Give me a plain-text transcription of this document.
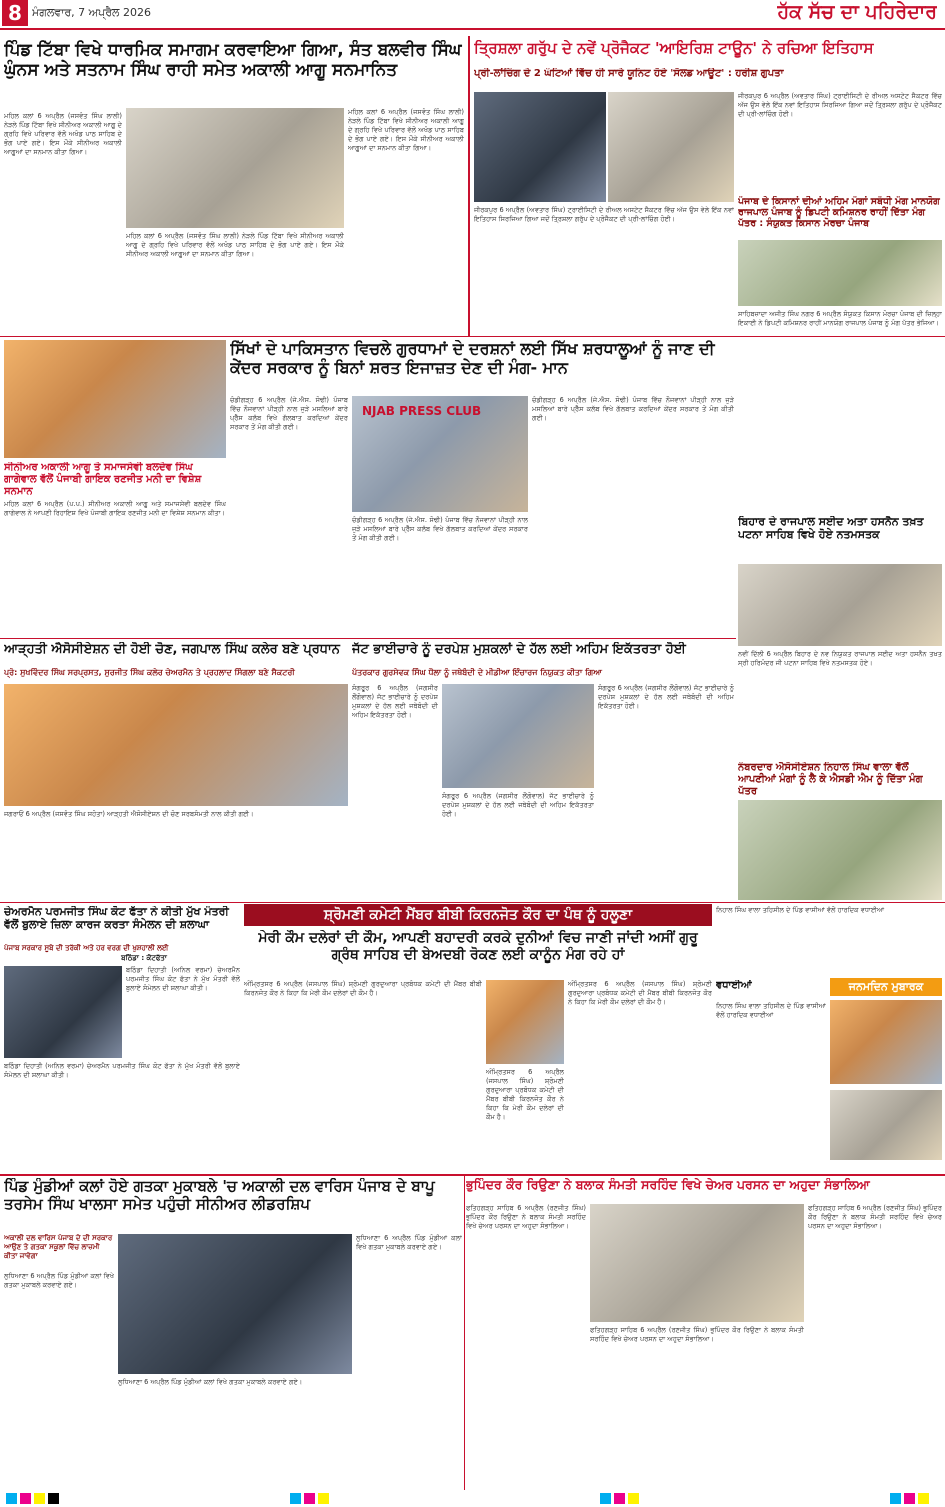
8 ਮੰਗਲਵਾਰ, 7 ਅਪ੍ਰੈਲ 2026	ਹੱਕ ਸੱਚ ਦਾ ਪਹਿਰੇਦਾਰ
ਪਿੰਡ ਟਿੱਬਾ ਵਿਖੇ ਧਾਰਮਿਕ ਸਮਾਗਮ ਕਰਵਾਇਆ ਗਿਆ, ਸੰਤ ਬਲਵੀਰ ਸਿੰਘ ਘੁੰਨਸ ਅਤੇ ਸਤਨਾਮ ਸਿੰਘ ਰਾਹੀ ਸਮੇਤ ਅਕਾਲੀ ਆਗੂ ਸਨਮਾਨਿਤ
ਮਹਿਲ ਕਲਾਂ 6 ਅਪ੍ਰੈਲ (ਜਸਵੰਤ ਸਿੰਘ ਲਾਲੀ) ਨੇੜਲੇ ਪਿੰਡ ਟਿੱਬਾ ਵਿਖੇ ਸੀਨੀਅਰ ਅਕਾਲੀ ਆਗੂ ਦੇ ਗ੍ਰਹਿ ਵਿਖੇ ਪਰਿਵਾਰ ਵੱਲੋਂ ਅਖੰਡ ਪਾਠ ਸਾਹਿਬ ਦੇ ਭੋਗ ਪਾਏ ਗਏ। ਇਸ ਮੌਕੇ ਸੀਨੀਅਰ ਅਕਾਲੀ ਆਗੂਆਂ ਦਾ ਸਨਮਾਨ ਕੀਤਾ ਗਿਆ।
ਮਹਿਲ ਕਲਾਂ 6 ਅਪ੍ਰੈਲ (ਜਸਵੰਤ ਸਿੰਘ ਲਾਲੀ) ਨੇੜਲੇ ਪਿੰਡ ਟਿੱਬਾ ਵਿਖੇ ਸੀਨੀਅਰ ਅਕਾਲੀ ਆਗੂ ਦੇ ਗ੍ਰਹਿ ਵਿਖੇ ਪਰਿਵਾਰ ਵੱਲੋਂ ਅਖੰਡ ਪਾਠ ਸਾਹਿਬ ਦੇ ਭੋਗ ਪਾਏ ਗਏ। ਇਸ ਮੌਕੇ ਸੀਨੀਅਰ ਅਕਾਲੀ ਆਗੂਆਂ ਦਾ ਸਨਮਾਨ ਕੀਤਾ ਗਿਆ।
ਮਹਿਲ ਕਲਾਂ 6 ਅਪ੍ਰੈਲ (ਜਸਵੰਤ ਸਿੰਘ ਲਾਲੀ) ਨੇੜਲੇ ਪਿੰਡ ਟਿੱਬਾ ਵਿਖੇ ਸੀਨੀਅਰ ਅਕਾਲੀ ਆਗੂ ਦੇ ਗ੍ਰਹਿ ਵਿਖੇ ਪਰਿਵਾਰ ਵੱਲੋਂ ਅਖੰਡ ਪਾਠ ਸਾਹਿਬ ਦੇ ਭੋਗ ਪਾਏ ਗਏ। ਇਸ ਮੌਕੇ ਸੀਨੀਅਰ ਅਕਾਲੀ ਆਗੂਆਂ ਦਾ ਸਨਮਾਨ ਕੀਤਾ ਗਿਆ।
ਤ੍ਰਿਸ਼ਲਾ ਗਰੁੱਪ ਦੇ ਨਵੇਂ ਪ੍ਰੋਜੈਕਟ 'ਆਇਰਿਸ਼ ਟਾਊਨ' ਨੇ ਰਚਿਆ ਇਤਿਹਾਸ
ਪ੍ਰੀ-ਲਾਂਚਿੰਗ ਦੇ 2 ਘੰਟਿਆਂ ਵਿੱਚ ਹੀ ਸਾਰੇ ਯੂਨਿਟ ਹੋਏ 'ਸੋਲਡ ਆਊਟ' : ਹਰੀਸ਼ ਗੁਪਤਾ
ਜੀਰਕਪੁਰ 6 ਅਪ੍ਰੈਲ (ਅਵਤਾਰ ਸਿੰਘ) ਟ੍ਰਾਈਸਿਟੀ ਦੇ ਰੀਅਲ ਅਸਟੇਟ ਸੈਕਟਰ ਵਿੱਚ ਅੱਜ ਉਸ ਵੇਲੇ ਇੱਕ ਨਵਾਂ ਇਤਿਹਾਸ ਸਿਰਜਿਆ ਗਿਆ ਜਦੋਂ ਤ੍ਰਿਸ਼ਲਾ ਗਰੁੱਪ ਦੇ ਪ੍ਰੋਜੈਕਟ ਦੀ ਪ੍ਰੀ-ਲਾਂਚਿੰਗ ਹੋਈ।
ਜੀਰਕਪੁਰ 6 ਅਪ੍ਰੈਲ (ਅਵਤਾਰ ਸਿੰਘ) ਟ੍ਰਾਈਸਿਟੀ ਦੇ ਰੀਅਲ ਅਸਟੇਟ ਸੈਕਟਰ ਵਿੱਚ ਅੱਜ ਉਸ ਵੇਲੇ ਇੱਕ ਨਵਾਂ ਇਤਿਹਾਸ ਸਿਰਜਿਆ ਗਿਆ ਜਦੋਂ ਤ੍ਰਿਸ਼ਲਾ ਗਰੁੱਪ ਦੇ ਪ੍ਰੋਜੈਕਟ ਦੀ ਪ੍ਰੀ-ਲਾਂਚਿੰਗ ਹੋਈ।
ਪੰਜਾਬ ਦੇ ਕਿਸਾਨਾਂ ਦੀਆਂ ਅਹਿਮ ਮੰਗਾਂ ਸਬੰਧੀ ਮੰਗ ਮਾਨਯੋਗ ਰਾਜਪਾਲ ਪੰਜਾਬ ਨੂੰ ਡਿਪਟੀ ਕਮਿਸ਼ਨਰ ਰਾਹੀਂ ਦਿੱਤਾ ਮੰਗ ਪੱਤਰ : ਸੰਯੁਕਤ ਕਿਸਾਨ ਮੋਰਚਾ ਪੰਜਾਬ
ਸਾਹਿਬਜ਼ਾਦਾ ਅਜੀਤ ਸਿੰਘ ਨਗਰ 6 ਅਪ੍ਰੈਲ ਸੰਯੁਕਤ ਕਿਸਾਨ ਮੋਰਚਾ ਪੰਜਾਬ ਦੀ ਜ਼ਿਲ੍ਹਾ ਇਕਾਈ ਨੇ ਡਿਪਟੀ ਕਮਿਸ਼ਨਰ ਰਾਹੀਂ ਮਾਨਯੋਗ ਰਾਜਪਾਲ ਪੰਜਾਬ ਨੂੰ ਮੰਗ ਪੱਤਰ ਭੇਜਿਆ।
ਸਿੱਖਾਂ ਦੇ ਪਾਕਿਸਤਾਨ ਵਿਚਲੇ ਗੁਰਧਾਮਾਂ ਦੇ ਦਰਸ਼ਨਾਂ ਲਈ ਸਿੱਖ ਸ਼ਰਧਾਲੂਆਂ ਨੂੰ ਜਾਣ ਦੀ ਕੇਂਦਰ ਸਰਕਾਰ ਨੂੰ ਬਿਨਾਂ ਸ਼ਰਤ ਇਜਾਜ਼ਤ ਦੇਣ ਦੀ ਮੰਗ- ਮਾਨ
ਚੰਡੀਗੜ੍ਹ 6 ਅਪ੍ਰੈਲ (ਜੇ.ਐਸ. ਸੋਢੀ) ਪੰਜਾਬ ਵਿੱਚ ਨੌਜਵਾਨਾਂ ਪੀੜ੍ਹੀ ਨਾਲ ਜੁੜੇ ਮਸਲਿਆਂ ਬਾਰੇ ਪ੍ਰੈੱਸ ਕਲੱਬ ਵਿਖੇ ਗੱਲਬਾਤ ਕਰਦਿਆਂ ਕੇਂਦਰ ਸਰਕਾਰ ਤੋਂ ਮੰਗ ਕੀਤੀ ਗਈ।
NJAB PRESS CLUB
ਚੰਡੀਗੜ੍ਹ 6 ਅਪ੍ਰੈਲ (ਜੇ.ਐਸ. ਸੋਢੀ) ਪੰਜਾਬ ਵਿੱਚ ਨੌਜਵਾਨਾਂ ਪੀੜ੍ਹੀ ਨਾਲ ਜੁੜੇ ਮਸਲਿਆਂ ਬਾਰੇ ਪ੍ਰੈੱਸ ਕਲੱਬ ਵਿਖੇ ਗੱਲਬਾਤ ਕਰਦਿਆਂ ਕੇਂਦਰ ਸਰਕਾਰ ਤੋਂ ਮੰਗ ਕੀਤੀ ਗਈ।
ਚੰਡੀਗੜ੍ਹ 6 ਅਪ੍ਰੈਲ (ਜੇ.ਐਸ. ਸੋਢੀ) ਪੰਜਾਬ ਵਿੱਚ ਨੌਜਵਾਨਾਂ ਪੀੜ੍ਹੀ ਨਾਲ ਜੁੜੇ ਮਸਲਿਆਂ ਬਾਰੇ ਪ੍ਰੈੱਸ ਕਲੱਬ ਵਿਖੇ ਗੱਲਬਾਤ ਕਰਦਿਆਂ ਕੇਂਦਰ ਸਰਕਾਰ ਤੋਂ ਮੰਗ ਕੀਤੀ ਗਈ।
ਸੀਨੀਅਰ ਅਕਾਲੀ ਆਗੂ ਤੇ ਸਮਾਜਸੇਵੀ ਬਲਦੇਵ ਸਿੰਘ ਗਾਗੇਵਾਲ ਵੱਲੋਂ ਪੰਜਾਬੀ ਗਾਇਕ ਰਣਜੀਤ ਮਨੀ ਦਾ ਵਿਸ਼ੇਸ਼ ਸਨਮਾਨ
ਮਹਿਲ ਕਲਾਂ 6 ਅਪ੍ਰੈਲ (ਪ.ਪ.) ਸੀਨੀਅਰ ਅਕਾਲੀ ਆਗੂ ਅਤੇ ਸਮਾਜਸੇਵੀ ਬਲਦੇਵ ਸਿੰਘ ਗਾਗੇਵਾਲ ਨੇ ਆਪਣੀ ਰਿਹਾਇਸ਼ ਵਿਖੇ ਪੰਜਾਬੀ ਗਾਇਕ ਰਣਜੀਤ ਮਨੀ ਦਾ ਵਿਸ਼ੇਸ਼ ਸਨਮਾਨ ਕੀਤਾ।
ਬਿਹਾਰ ਦੇ ਰਾਜਪਾਲ ਸਈਦ ਅਤਾ ਹਸਨੈਨ ਤਖ਼ਤ ਪਟਨਾ ਸਾਹਿਬ ਵਿਖੇ ਹੋਏ ਨਤਮਸਤਕ
ਨਵੀਂ ਦਿੱਲੀ 6 ਅਪ੍ਰੈਲ ਬਿਹਾਰ ਦੇ ਨਵ ਨਿਯੁਕਤ ਰਾਜਪਾਲ ਸਈਦ ਅਤਾ ਹਸਨੈਨ ਤਖ਼ਤ ਸ੍ਰੀ ਹਰਿਮੰਦਰ ਜੀ ਪਟਨਾ ਸਾਹਿਬ ਵਿਖੇ ਨਤਮਸਤਕ ਹੋਏ।
ਆੜ੍ਹਤੀ ਐਸੋਸੀਏਸ਼ਨ ਦੀ ਹੋਈ ਚੋਣ, ਜਗਪਾਲ ਸਿੰਘ ਕਲੇਰ ਬਣੇ ਪ੍ਰਧਾਨ
ਪ੍ਰੋ: ਸੁਖਵਿੰਦਰ ਸਿੰਘ ਸਰਪ੍ਰਸਤ, ਸੁਰਜੀਤ ਸਿੰਘ ਕਲੇਰ ਚੇਅਰਮੈਨ ਤੇ ਪ੍ਰਹਲਾਦ ਸਿੰਗਲਾ ਬਣੇ ਸੈਕਟਰੀ
ਜਗਰਾਓਂ 6 ਅਪ੍ਰੈਲ (ਜਸਵੰਤ ਸਿੰਘ ਸਹੋਤਾ) ਆੜ੍ਹਤੀ ਐਸੋਸੀਏਸ਼ਨ ਦੀ ਚੋਣ ਸਰਬਸੰਮਤੀ ਨਾਲ ਕੀਤੀ ਗਈ।
ਜੱਟ ਭਾਈਚਾਰੇ ਨੂੰ ਦਰਪੇਸ਼ ਮੁਸ਼ਕਲਾਂ ਦੇ ਹੱਲ ਲਈ ਅਹਿਮ ਇਕੱਤਰਤਾ ਹੋਈ
ਪੱਤਰਕਾਰ ਗੁਰਸੇਵਕ ਸਿੰਘ ਧੌਲਾ ਨੂੰ ਜਥੇਬੰਦੀ ਦੇ ਮੀਡੀਆ ਇੰਚਾਰਜ ਨਿਯੁਕਤ ਕੀਤਾ ਗਿਆ
ਸੰਗਰੂਰ 6 ਅਪ੍ਰੈਲ (ਜਗਸੀਰ ਲੌਂਗੋਵਾਲ) ਜੱਟ ਭਾਈਚਾਰੇ ਨੂੰ ਦਰਪੇਸ਼ ਮੁਸ਼ਕਲਾਂ ਦੇ ਹੱਲ ਲਈ ਜਥੇਬੰਦੀ ਦੀ ਅਹਿਮ ਇਕੱਤਰਤਾ ਹੋਈ।
ਸੰਗਰੂਰ 6 ਅਪ੍ਰੈਲ (ਜਗਸੀਰ ਲੌਂਗੋਵਾਲ) ਜੱਟ ਭਾਈਚਾਰੇ ਨੂੰ ਦਰਪੇਸ਼ ਮੁਸ਼ਕਲਾਂ ਦੇ ਹੱਲ ਲਈ ਜਥੇਬੰਦੀ ਦੀ ਅਹਿਮ ਇਕੱਤਰਤਾ ਹੋਈ।
ਸੰਗਰੂਰ 6 ਅਪ੍ਰੈਲ (ਜਗਸੀਰ ਲੌਂਗੋਵਾਲ) ਜੱਟ ਭਾਈਚਾਰੇ ਨੂੰ ਦਰਪੇਸ਼ ਮੁਸ਼ਕਲਾਂ ਦੇ ਹੱਲ ਲਈ ਜਥੇਬੰਦੀ ਦੀ ਅਹਿਮ ਇਕੱਤਰਤਾ ਹੋਈ।
ਨੰਬਰਦਾਰ ਐਸੋਸੀਏਸ਼ਨ ਨਿਹਾਲ ਸਿੰਘ ਵਾਲਾ ਵੱਲੋਂ ਆਪਣੀਆਂ ਮੰਗਾਂ ਨੂੰ ਲੈ ਕੇ ਐਸਡੀ ਐਮ ਨੂੰ ਦਿੱਤਾ ਮੰਗ ਪੱਤਰ
ਚੇਅਰਮੈਨ ਪਰਮਜੀਤ ਸਿੰਘ ਕੋਟ ਫੱਤਾ ਨੇ ਕੀਤੀ ਮੁੱਖ ਮੰਤਰੀ ਵੱਲੋਂ ਬੁਲਾਏ ਜ਼ਿਲਾ ਕਾਰਜ ਕਰਤਾ ਸੰਮੇਲਨ ਦੀ ਸ਼ਲਾਘਾ
ਪੰਜਾਬ ਸਰਕਾਰ ਸੂਬੇ ਦੀ ਤਰੱਕੀ ਅਤੇ ਹਰ ਵਰਗ ਦੀ ਖੁਸ਼ਹਾਲੀ ਲਈ
ਬਠਿੰਡਾ : ਕੋਟਫੱਤਾ
ਬਠਿੰਡਾ ਦਿਹਾਤੀ (ਅਨਿਲ ਵਰਮਾ) ਚੇਅਰਮੈਨ ਪਰਮਜੀਤ ਸਿੰਘ ਕੋਟ ਫੱਤਾ ਨੇ ਮੁੱਖ ਮੰਤਰੀ ਵੱਲੋਂ ਬੁਲਾਏ ਸੰਮੇਲਨ ਦੀ ਸ਼ਲਾਘਾ ਕੀਤੀ।
ਬਠਿੰਡਾ ਦਿਹਾਤੀ (ਅਨਿਲ ਵਰਮਾ) ਚੇਅਰਮੈਨ ਪਰਮਜੀਤ ਸਿੰਘ ਕੋਟ ਫੱਤਾ ਨੇ ਮੁੱਖ ਮੰਤਰੀ ਵੱਲੋਂ ਬੁਲਾਏ ਸੰਮੇਲਨ ਦੀ ਸ਼ਲਾਘਾ ਕੀਤੀ।
ਸ਼੍ਰੋਮਣੀ ਕਮੇਟੀ ਮੈਂਬਰ ਬੀਬੀ ਕਿਰਨਜੋਤ ਕੌਰ ਦਾ ਪੰਥ ਨੂੰ ਹਲੂਣਾ
ਮੇਰੀ ਕੌਮ ਦਲੇਰਾਂ ਦੀ ਕੌਮ, ਆਪਣੀ ਬਹਾਦਰੀ ਕਰਕੇ ਦੁਨੀਆਂ ਵਿਚ ਜਾਣੀ ਜਾਂਦੀ ਅਸੀਂ ਗੁਰੂ ਗ੍ਰੰਥ ਸਾਹਿਬ ਦੀ ਬੇਅਦਬੀ ਰੋਕਣ ਲਈ ਕਾਨੂੰਨ ਮੰਗ ਰਹੇ ਹਾਂ
ਅੰਮ੍ਰਿਤਸਰ 6 ਅਪ੍ਰੈਲ (ਜਸਪਾਲ ਸਿੰਘ) ਸ਼੍ਰੋਮਣੀ ਗੁਰਦੁਆਰਾ ਪ੍ਰਬੰਧਕ ਕਮੇਟੀ ਦੀ ਮੈਂਬਰ ਬੀਬੀ ਕਿਰਨਜੋਤ ਕੌਰ ਨੇ ਕਿਹਾ ਕਿ ਮੇਰੀ ਕੌਮ ਦਲੇਰਾਂ ਦੀ ਕੌਮ ਹੈ।
ਅੰਮ੍ਰਿਤਸਰ 6 ਅਪ੍ਰੈਲ (ਜਸਪਾਲ ਸਿੰਘ) ਸ਼੍ਰੋਮਣੀ ਗੁਰਦੁਆਰਾ ਪ੍ਰਬੰਧਕ ਕਮੇਟੀ ਦੀ ਮੈਂਬਰ ਬੀਬੀ ਕਿਰਨਜੋਤ ਕੌਰ ਨੇ ਕਿਹਾ ਕਿ ਮੇਰੀ ਕੌਮ ਦਲੇਰਾਂ ਦੀ ਕੌਮ ਹੈ।
ਅੰਮ੍ਰਿਤਸਰ 6 ਅਪ੍ਰੈਲ (ਜਸਪਾਲ ਸਿੰਘ) ਸ਼੍ਰੋਮਣੀ ਗੁਰਦੁਆਰਾ ਪ੍ਰਬੰਧਕ ਕਮੇਟੀ ਦੀ ਮੈਂਬਰ ਬੀਬੀ ਕਿਰਨਜੋਤ ਕੌਰ ਨੇ ਕਿਹਾ ਕਿ ਮੇਰੀ ਕੌਮ ਦਲੇਰਾਂ ਦੀ ਕੌਮ ਹੈ।
ਨਿਹਾਲ ਸਿੰਘ ਵਾਲਾ ਤਹਿਸੀਲ ਦੇ ਪਿੰਡ ਵਾਸੀਆਂ ਵੱਲੋਂ ਹਾਰਦਿਕ ਵਧਾਈਆਂ
ਜਨਮਦਿਨ ਮੁਬਾਰਕ
ਵਧਾਈਆਂ
ਨਿਹਾਲ ਸਿੰਘ ਵਾਲਾ ਤਹਿਸੀਲ ਦੇ ਪਿੰਡ ਵਾਸੀਆਂ ਵੱਲੋਂ ਹਾਰਦਿਕ ਵਧਾਈਆਂ
ਪਿੰਡ ਮੁੰਡੀਆਂ ਕਲਾਂ ਹੋਏ ਗਤਕਾ ਮੁਕਾਬਲੇ 'ਚ ਅਕਾਲੀ ਦਲ ਵਾਰਿਸ ਪੰਜਾਬ ਦੇ ਬਾਪੂ ਤਰਸੇਮ ਸਿੰਘ ਖਾਲਸਾ ਸਮੇਤ ਪਹੁੰਚੀ ਸੀਨੀਅਰ ਲੀਡਰਸ਼ਿਪ
ਅਕਾਲੀ ਦਲ ਵਾਰਿਸ ਪੰਜਾਬ ਦੇ ਦੀ ਸਰਕਾਰ ਆਉਣ ਤੇ ਗਤਕਾ ਸਕੂਲਾਂ ਵਿੱਚ ਲਾਜ਼ਮੀ ਕੀਤਾ ਜਾਵੇਗਾ
ਲੁਧਿਆਣਾ 6 ਅਪ੍ਰੈਲ ਪਿੰਡ ਮੁੰਡੀਆਂ ਕਲਾਂ ਵਿਖੇ ਗਤਕਾ ਮੁਕਾਬਲੇ ਕਰਵਾਏ ਗਏ।
ਲੁਧਿਆਣਾ 6 ਅਪ੍ਰੈਲ ਪਿੰਡ ਮੁੰਡੀਆਂ ਕਲਾਂ ਵਿਖੇ ਗਤਕਾ ਮੁਕਾਬਲੇ ਕਰਵਾਏ ਗਏ।
ਲੁਧਿਆਣਾ 6 ਅਪ੍ਰੈਲ ਪਿੰਡ ਮੁੰਡੀਆਂ ਕਲਾਂ ਵਿਖੇ ਗਤਕਾ ਮੁਕਾਬਲੇ ਕਰਵਾਏ ਗਏ।
ਭੁਪਿੰਦਰ ਕੌਰ ਰਿਉਣਾ ਨੇ ਬਲਾਕ ਸੰਮਤੀ ਸਰਹਿੰਦ ਵਿਖੇ ਚੇਅਰ ਪਰਸਨ ਦਾ ਅਹੁਦਾ ਸੰਭਾਲਿਆ
ਫਤਿਹਗੜ੍ਹ ਸਾਹਿਬ 6 ਅਪ੍ਰੈਲ (ਰਣਜੀਤ ਸਿੰਘ) ਭੁਪਿੰਦਰ ਕੌਰ ਰਿਉਣਾ ਨੇ ਬਲਾਕ ਸੰਮਤੀ ਸਰਹਿੰਦ ਵਿਖੇ ਚੇਅਰ ਪਰਸਨ ਦਾ ਅਹੁਦਾ ਸੰਭਾਲਿਆ।
ਫਤਿਹਗੜ੍ਹ ਸਾਹਿਬ 6 ਅਪ੍ਰੈਲ (ਰਣਜੀਤ ਸਿੰਘ) ਭੁਪਿੰਦਰ ਕੌਰ ਰਿਉਣਾ ਨੇ ਬਲਾਕ ਸੰਮਤੀ ਸਰਹਿੰਦ ਵਿਖੇ ਚੇਅਰ ਪਰਸਨ ਦਾ ਅਹੁਦਾ ਸੰਭਾਲਿਆ।
ਫਤਿਹਗੜ੍ਹ ਸਾਹਿਬ 6 ਅਪ੍ਰੈਲ (ਰਣਜੀਤ ਸਿੰਘ) ਭੁਪਿੰਦਰ ਕੌਰ ਰਿਉਣਾ ਨੇ ਬਲਾਕ ਸੰਮਤੀ ਸਰਹਿੰਦ ਵਿਖੇ ਚੇਅਰ ਪਰਸਨ ਦਾ ਅਹੁਦਾ ਸੰਭਾਲਿਆ।
